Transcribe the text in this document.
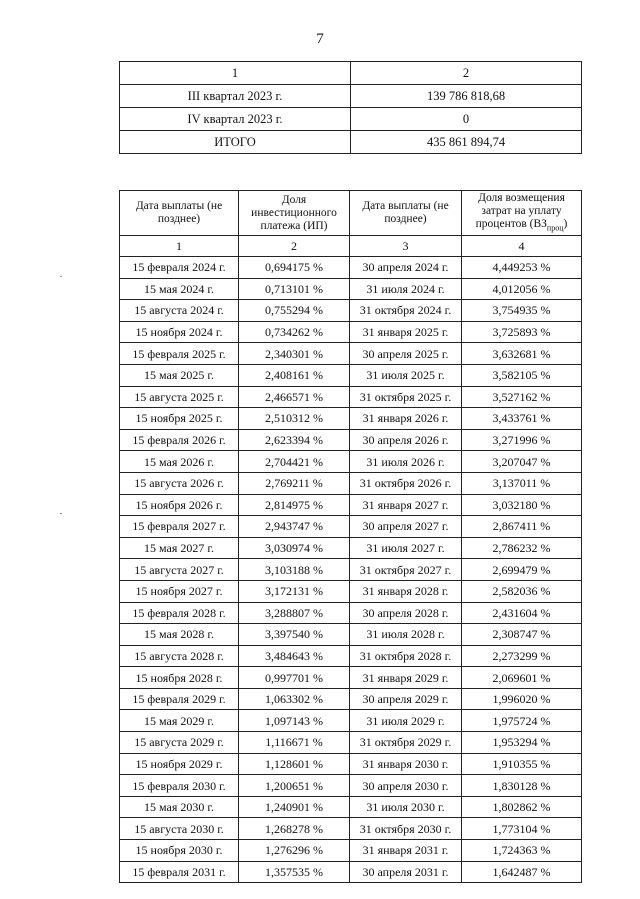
7
1	2
III квартал 2023 г.	139 786 818,68
IV квартал 2023 г.	0
ИТОГО	435 861 894,74
Дата выплаты (не позднее)	Доля инвестиционного платежа (ИП)	Дата выплаты (не позднее)	Доля возмещения затрат на уплату процентов $(ВЗ_{проц})$
1	2	3	4
15 февраля 2024 г.	0,694175 %	30 апреля 2024 г.	4,449253 %
15 мая 2024 г.	0,713101 %	31 июля 2024 г.	4,012056 %
15 августа 2024 г.	0,755294 %	31 октября 2024 г.	3,754935 %
15 ноября 2024 г.	0,734262 %	31 января 2025 г.	3,725893 %
15 февраля 2025 г.	2,340301 %	30 апреля 2025 г.	3,632681 %
15 мая 2025 г.	2,408161 %	31 июля 2025 г.	3,582105 %
15 августа 2025 г.	2,466571 %	31 октября 2025 г.	3,527162 %
15 ноября 2025 г.	2,510312 %	31 января 2026 г.	3,433761 %
15 февраля 2026 г.	2,623394 %	30 апреля 2026 г.	3,271996 %
15 мая 2026 г.	2,704421 %	31 июля 2026 г.	3,207047 %
15 августа 2026 г.	2,769211 %	31 октября 2026 г.	3,137011 %
15 ноября 2026 г.	2,814975 %	31 января 2027 г.	3,032180 %
15 февраля 2027 г.	2,943747 %	30 апреля 2027 г.	2,867411 %
15 мая 2027 г.	3,030974 %	31 июля 2027 г.	2,786232 %
15 августа 2027 г.	3,103188 %	31 октября 2027 г.	2,699479 %
15 ноября 2027 г.	3,172131 %	31 января 2028 г.	2,582036 %
15 февраля 2028 г.	3,288807 %	30 апреля 2028 г.	2,431604 %
15 мая 2028 г.	3,397540 %	31 июля 2028 г.	2,308747 %
15 августа 2028 г.	3,484643 %	31 октября 2028 г.	2,273299 %
15 ноября 2028 г.	0,997701 %	31 января 2029 г.	2,069601 %
15 февраля 2029 г.	1,063302 %	30 апреля 2029 г.	1,996020 %
15 мая 2029 г.	1,097143 %	31 июля 2029 г.	1,975724 %
15 августа 2029 г.	1,116671 %	31 октября 2029 г.	1,953294 %
15 ноября 2029 г.	1,128601 %	31 января 2030 г.	1,910355 %
15 февраля 2030 г.	1,200651 %	30 апреля 2030 г.	1,830128 %
15 мая 2030 г.	1,240901 %	31 июля 2030 г.	1,802862 %
15 августа 2030 г.	1,268278 %	31 октября 2030 г.	1,773104 %
15 ноября 2030 г.	1,276296 %	31 января 2031 г.	1,724363 %
15 февраля 2031 г.	1,357535 %	30 апреля 2031 г.	1,642487 %
